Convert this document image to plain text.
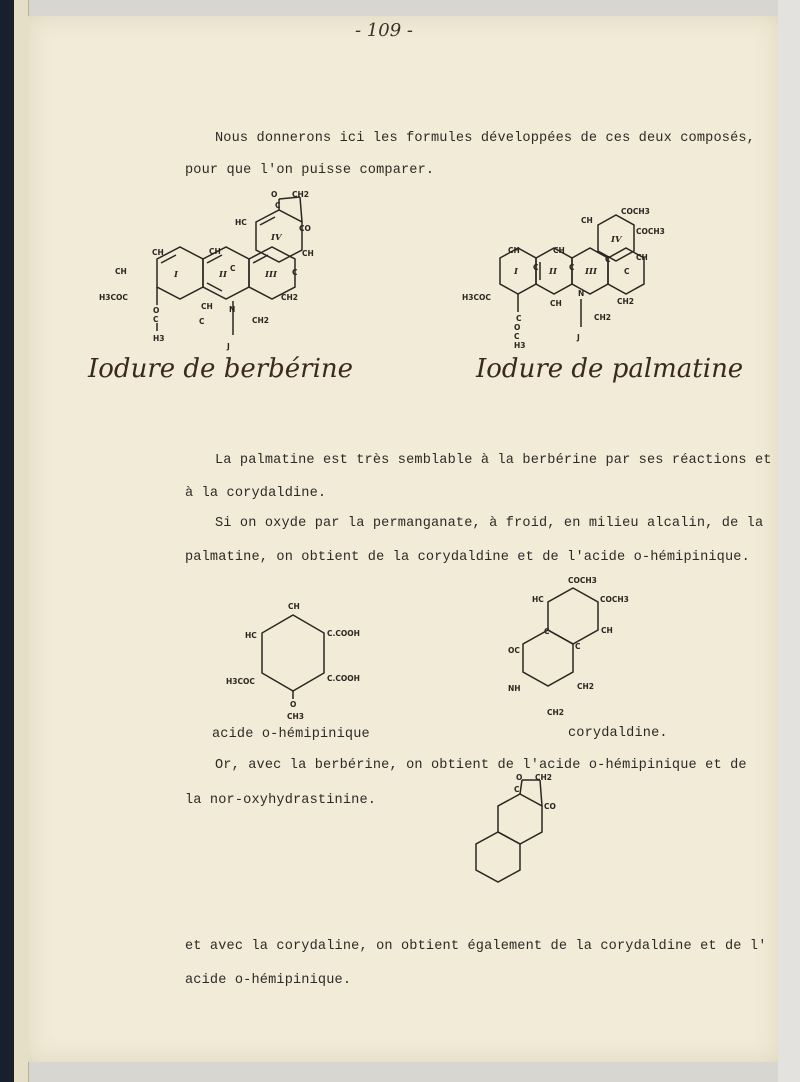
- 109 -
Nous donnerons ici les formules développées de ces deux composés,
pour que l'on puisse comparer.
O CH2
HC
C
CO
CH
CH	CH
C	C
CH
H3COC
C
N
CH2
CH2
O
C
H3
CH
J
I	II	III
IV
COCH3
CH
COCH3
CH
CH	CH
C	C
C
C
CH
H3COC
C
N
CH2
CH2
O
C
H3
J
I	II	III
IV
Iodure de berbérine	Iodure de palmatine
La palmatine est très semblable à la berbérine par ses réactions et
à la corydaldine.
Si on oxyde par la permanganate, à froid, en milieu alcalin, de la
palmatine, on obtient de la corydaldine et de l'acide o-hémipinique.
CH
HC	C.COOH
H3COC	C.COOH
O
CH3
COCH3
HC	COCH3
C	CH
OC	C
NH	CH2
CH2
acide o-hémipinique	corydaldine.
Or, avec la berbérine, on obtient de l'acide o-hémipinique et de
la nor-oxyhydrastinine.
O CH2
C
CO
et avec la corydaline, on obtient également de la corydaldine et de l'
acide o-hémipinique.
